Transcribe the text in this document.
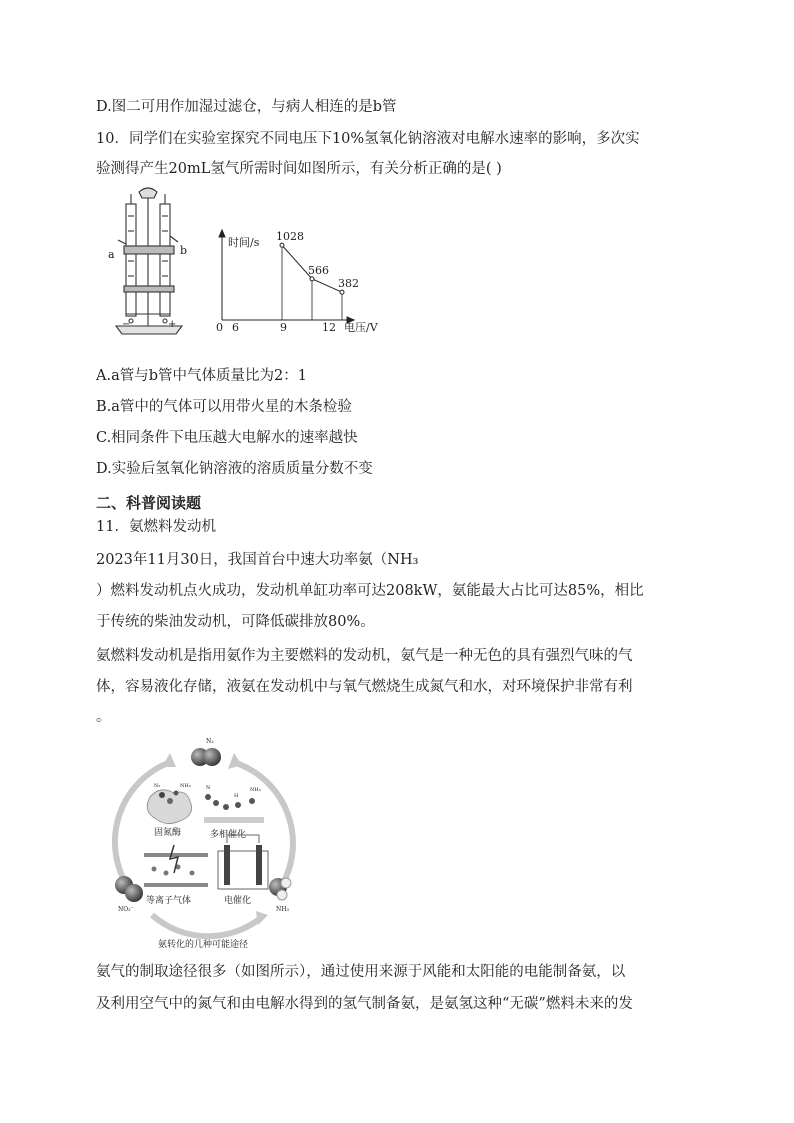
D.图二可用作加湿过滤仓，与病人相连的是b管
10．同学们在实验室探究不同电压下10%氢氧化钠溶液对电解水速率的影响，多次实
验测得产生20mL氢气所需时间如图所示，有关分析正确的是( )
a	b
−	+
时间/s
电压/V
0 6	9	12
1028
566
382
A.a管与b管中气体质量比为2：1
B.a管中的气体可以用带火星的木条检验
C.相同条件下电压越大电解水的速率越快
D.实验后氢氧化钠溶液的溶质质量分数不变
二、科普阅读题
11．氨燃料发动机
2023年11月30日，我国首台中速大功率氨（NH₃
）燃料发动机点火成功，发动机单缸功率可达208kW，氨能最大占比可达85%，相比
于传统的柴油发动机，可降低碳排放80%。
氨燃料发动机是指用氨作为主要燃料的发动机，氨气是一种无色的具有强烈气味的气
体，容易液化存储，液氨在发动机中与氧气燃烧生成氮气和水，对环境保护非常有利
。
N₂
N₂	NH₃
固氮酶
N
H
NH₃
多相催化
等离子气体	电催化
NO₃⁻	NH₃
氨转化的几种可能途径
氨气的制取途径很多（如图所示），通过使用来源于风能和太阳能的电能制备氨，以
及利用空气中的氮气和由电解水得到的氢气制备氨，是氨氢这种“无碳”燃料未来的发
